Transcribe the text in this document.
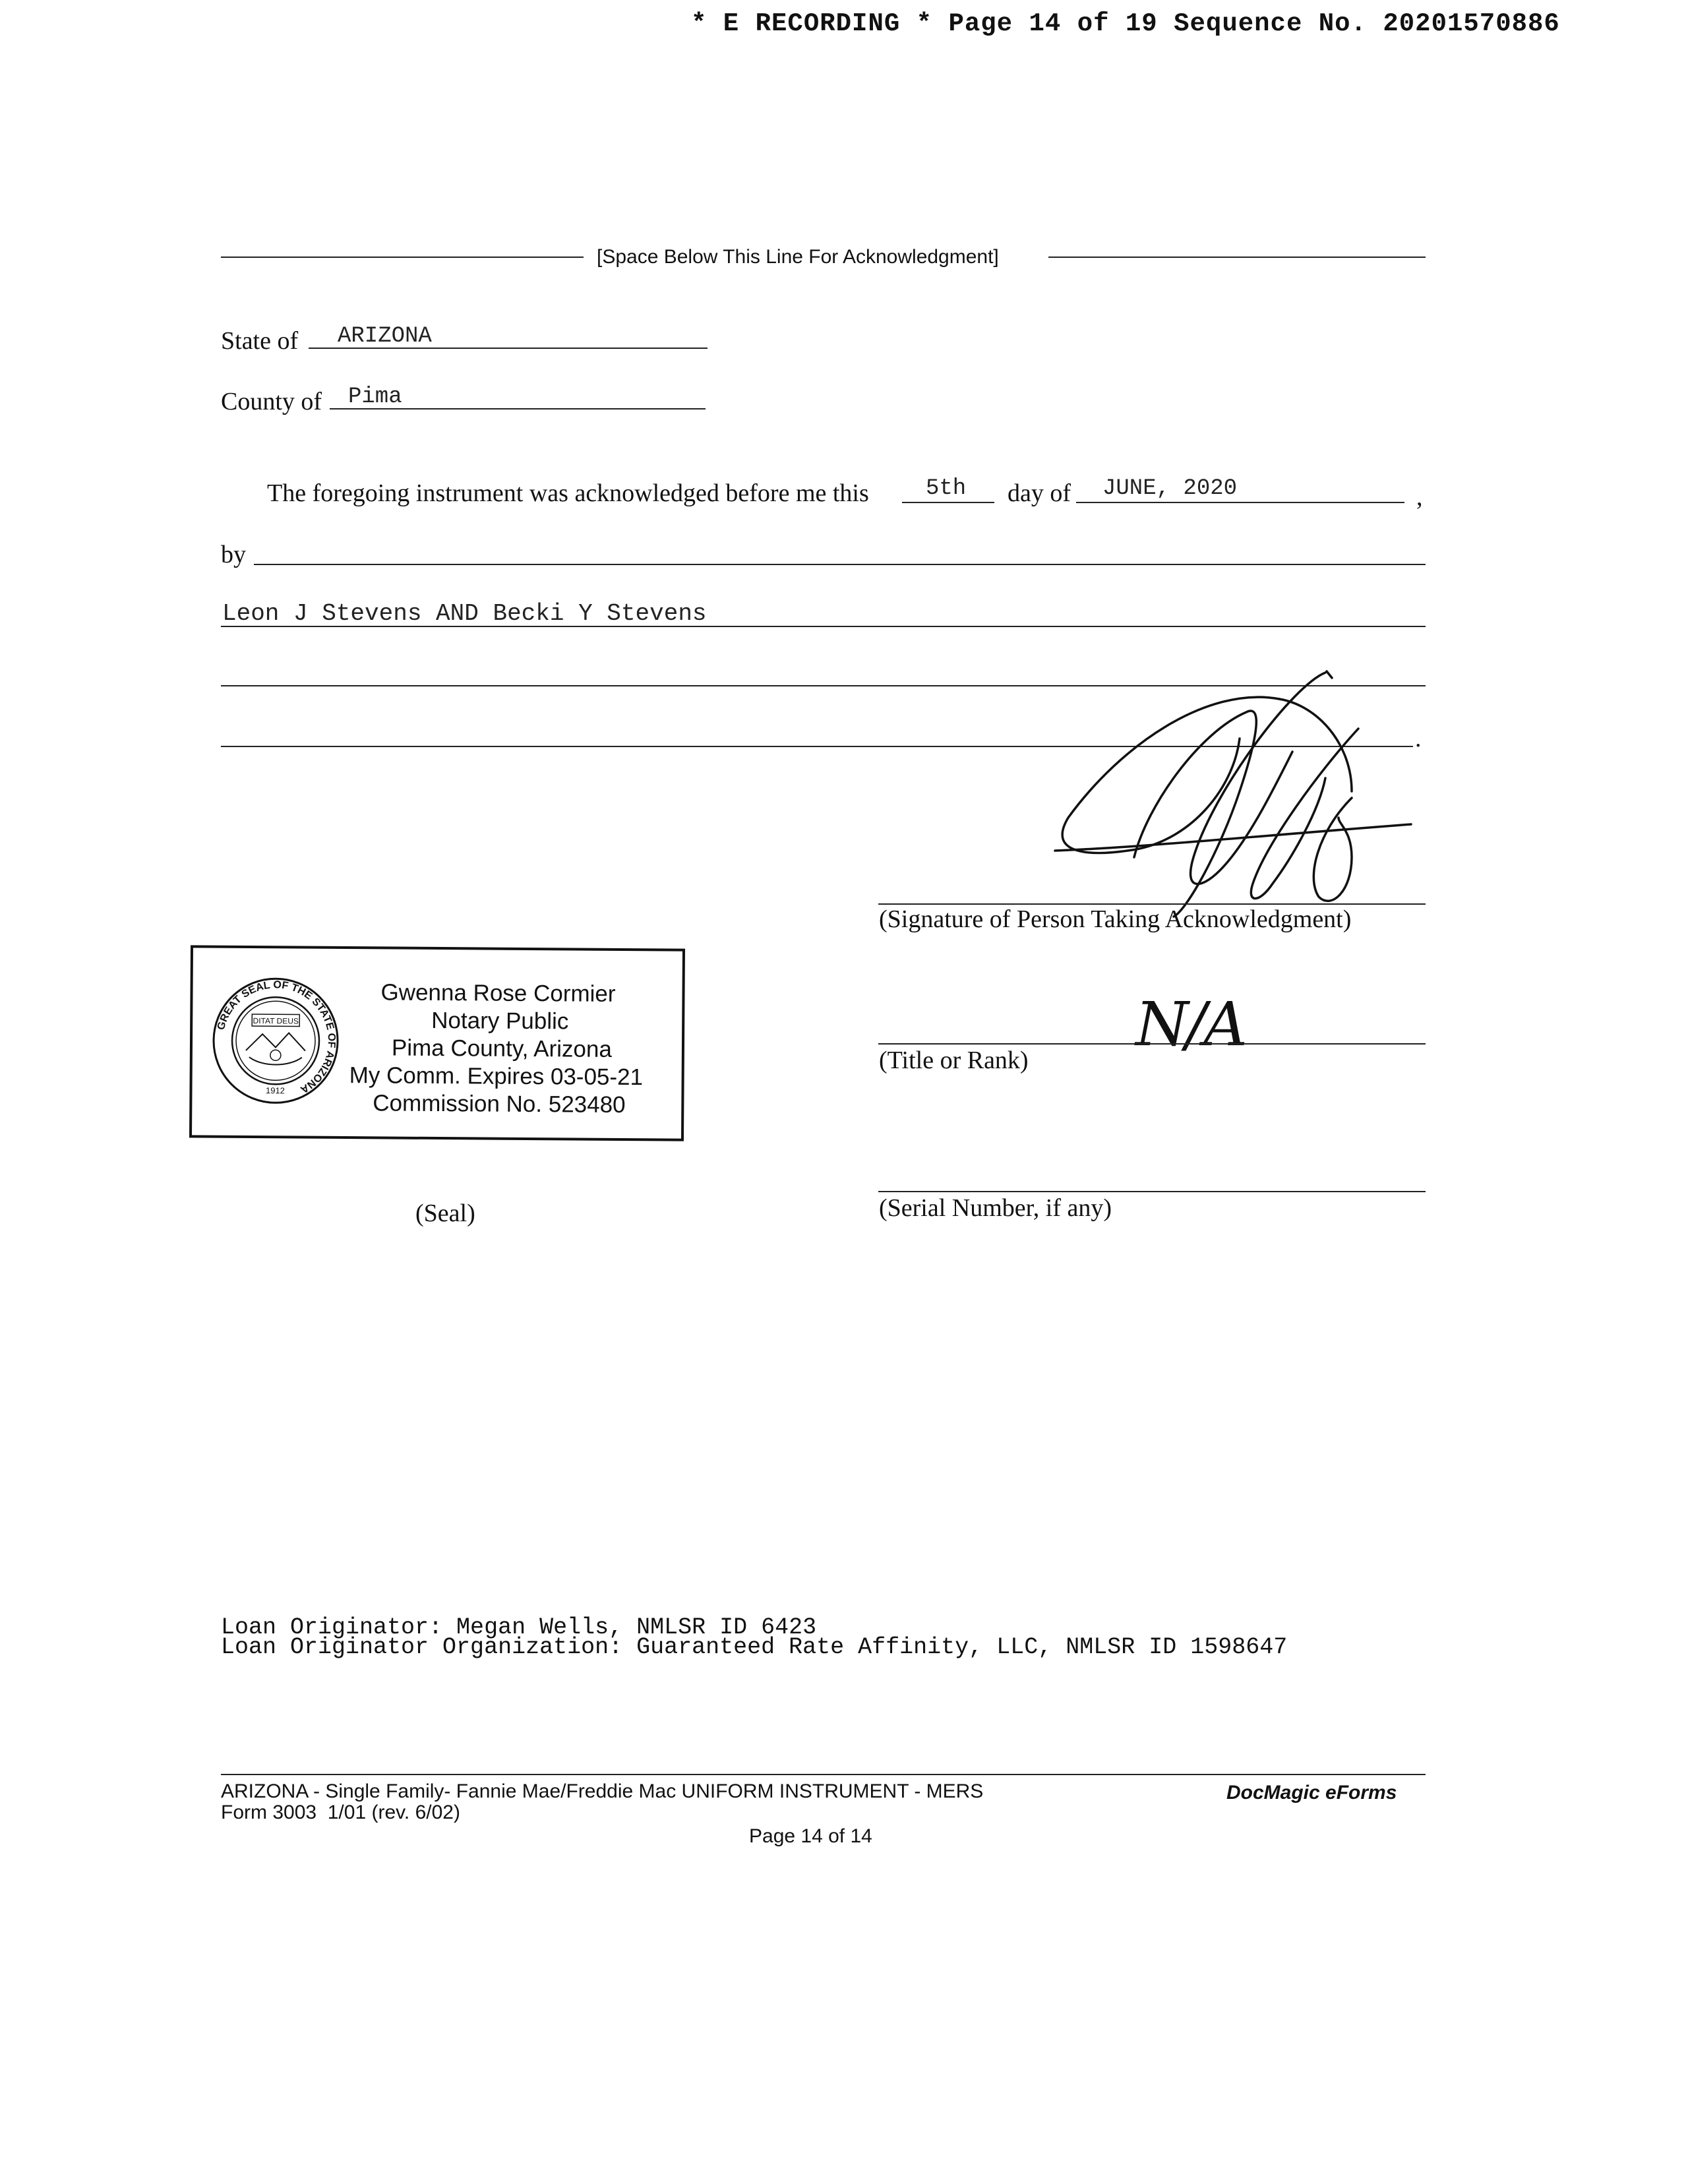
* E RECORDING * Page 14 of 19 Sequence No. 20201570886
[Space Below This Line For Acknowledgment]
State of ARIZONA
County of Pima
The foregoing instrument was acknowledged before me this	5th day of JUNE, 2020	,
by
Leon J Stevens AND Becki Y Stevens
.
(Signature of Person Taking Acknowledgment)
GREAT SEAL OF THE STATE OF ARIZONA
DITAT DEUS
1912
Gwenna Rose Cormier
Notary Public
Pima County, Arizona
My Comm. Expires 03-05-21
Commission No. 523480
N/A
(Title or Rank)
(Seal)	(Serial Number, if any)
Loan Originator: Megan Wells, NMLSR ID 6423
Loan Originator Organization: Guaranteed Rate Affinity, LLC, NMLSR ID 1598647
ARIZONA - Single Family- Fannie Mae/Freddie Mac UNIFORM INSTRUMENT - MERS
Form 3003  1/01 (rev. 6/02)
DocMagic eForms
Page 14 of 14
